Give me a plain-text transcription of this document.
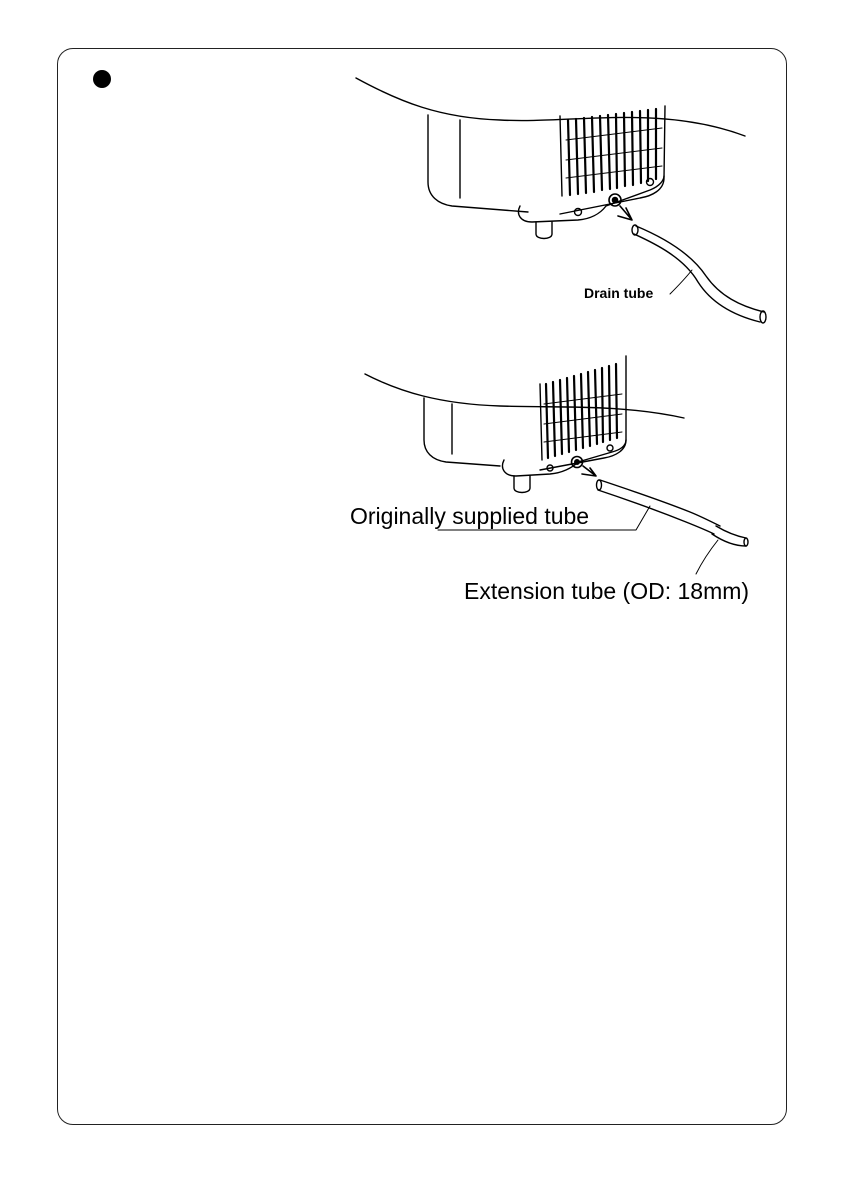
Drain tube
Originally supplied tube
Extension tube (OD: 18mm)
